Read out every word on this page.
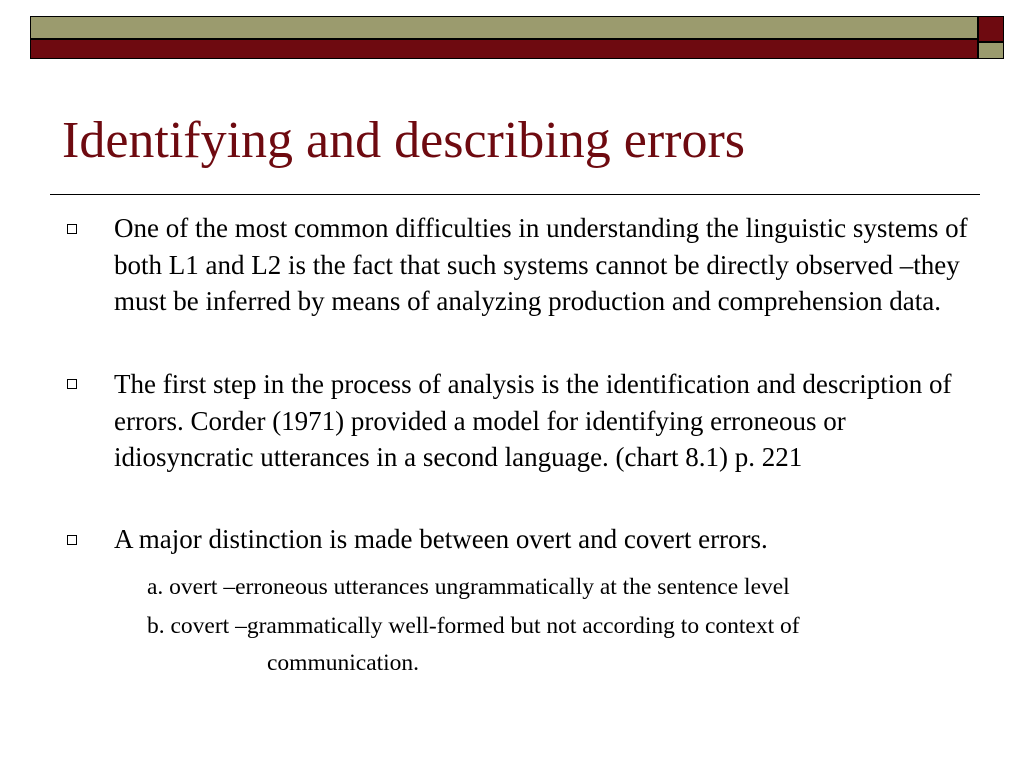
Identifying and describing errors
One of the most common difficulties in understanding the linguistic systems of both L1 and L2 is the fact that such systems cannot be directly observed –they must be inferred by means of analyzing production and comprehension data.
The first step in the process of analysis is the identification and description of errors. Corder (1971) provided a model for identifying erroneous or idiosyncratic utterances in a second language. (chart 8.1) p. 221
A major distinction is made between overt and covert errors.
a. overt –erroneous utterances ungrammatically at the sentence level
b. covert –grammatically well-formed but not according to context of
communication.
